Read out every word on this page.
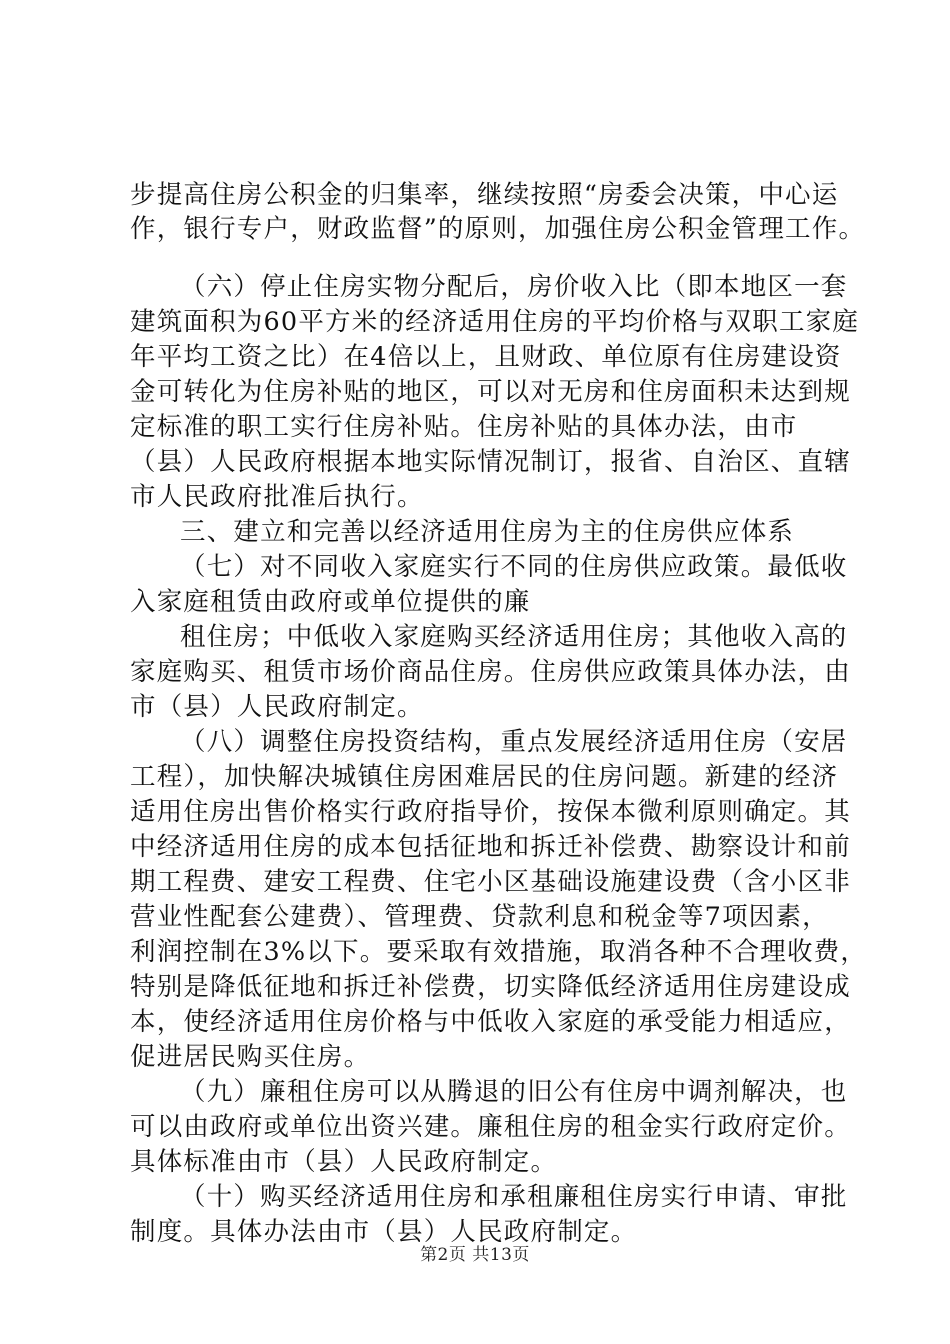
步提高住房公积金的归集率，继续按照“房委会决策，中心运
作，银行专户，财政监督”的原则，加强住房公积金管理工作。
（六）停止住房实物分配后，房价收入比（即本地区一套
建筑面积为60平方米的经济适用住房的平均价格与双职工家庭
年平均工资之比）在4倍以上，且财政、单位原有住房建设资
金可转化为住房补贴的地区，可以对无房和住房面积未达到规
定标准的职工实行住房补贴。住房补贴的具体办法，由市
（县）人民政府根据本地实际情况制订，报省、自治区、直辖
市人民政府批准后执行。
三、建立和完善以经济适用住房为主的住房供应体系
（七）对不同收入家庭实行不同的住房供应政策。最低收
入家庭租赁由政府或单位提供的廉
租住房；中低收入家庭购买经济适用住房；其他收入高的
家庭购买、租赁市场价商品住房。住房供应政策具体办法，由
市（县）人民政府制定。
（八）调整住房投资结构，重点发展经济适用住房（安居
工程），加快解决城镇住房困难居民的住房问题。新建的经济
适用住房出售价格实行政府指导价，按保本微利原则确定。其
中经济适用住房的成本包括征地和拆迁补偿费、勘察设计和前
期工程费、建安工程费、住宅小区基础设施建设费（含小区非
营业性配套公建费）、管理费、贷款利息和税金等7项因素，
利润控制在3%以下。要采取有效措施，取消各种不合理收费，
特别是降低征地和拆迁补偿费，切实降低经济适用住房建设成
本，使经济适用住房价格与中低收入家庭的承受能力相适应，
促进居民购买住房。
（九）廉租住房可以从腾退的旧公有住房中调剂解决，也
可以由政府或单位出资兴建。廉租住房的租金实行政府定价。
具体标准由市（县）人民政府制定。
（十）购买经济适用住房和承租廉租住房实行申请、审批
制度。具体办法由市（县）人民政府制定。
第2页 共13页
